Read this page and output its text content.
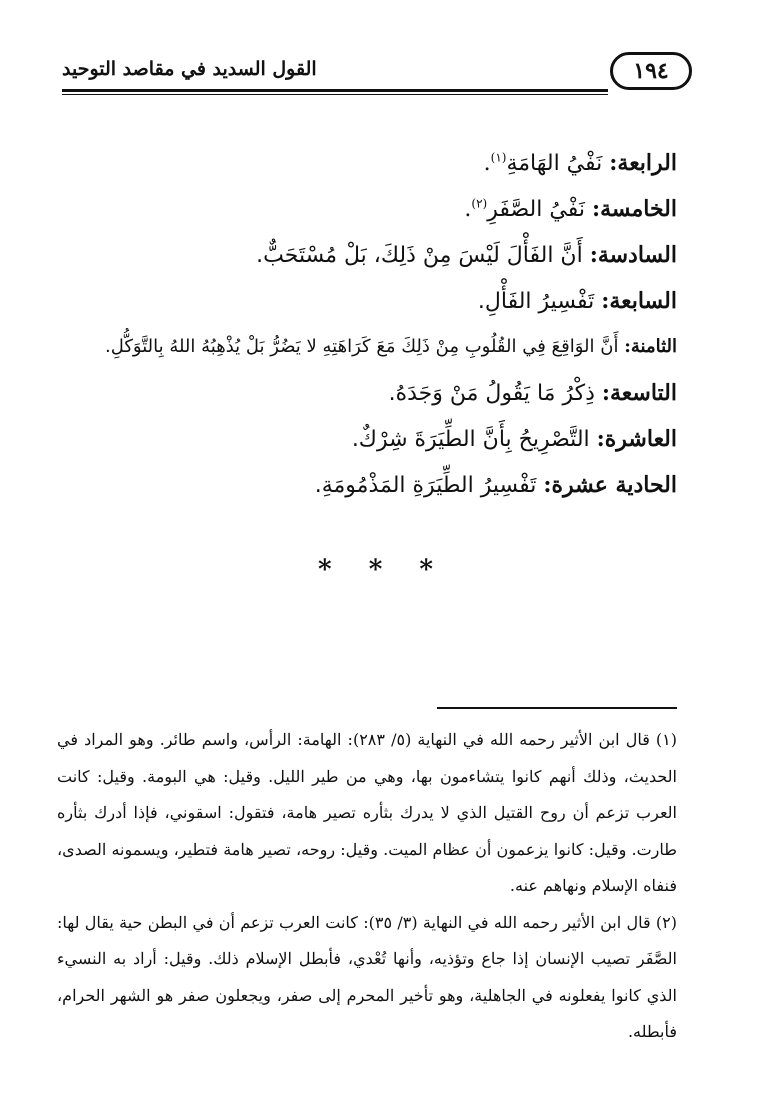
القول السديد في مقاصد التوحيد	١٩٤
الرابعة: نَفْيُ الهَامَةِ$^{(١)}$.
الخامسة: نَفْيُ الصَّفَرِ$^{(٢)}$.
السادسة: أَنَّ الفَأْلَ لَيْسَ مِنْ ذَلِكَ، بَلْ مُسْتَحَبٌّ.
السابعة: تَفْسِيرُ الفَأْلِ.
الثامنة: أَنَّ الوَاقِعَ فِي القُلُوبِ مِنْ ذَلِكَ مَعَ كَرَاهَتِهِ لا يَضُرُّ بَلْ يُذْهِبُهُ اللهُ بِالتَّوَكُّلِ.
التاسعة: ذِكْرُ مَا يَقُولُ مَنْ وَجَدَهُ.
العاشرة: التَّصْرِيحُ بِأَنَّ الطِّيَرَةَ شِرْكٌ.
الحادية عشرة: تَفْسِيرُ الطِّيَرَةِ المَذْمُومَةِ.
* * *

(١) قال ابن الأثير رحمه الله في النهاية (٥/ ٢٨٣): الهامة: الرأس، واسم طائر. وهو المراد في الحديث، وذلك أنهم كانوا يتشاءمون بها، وهي من طير الليل. وقيل: هي البومة. وقيل: كانت العرب تزعم أن روح القتيل الذي لا يدرك بثأره تصير هامة، فتقول: اسقوني، فإذا أدرك بثأره طارت. وقيل: كانوا يزعمون أن عظام الميت. وقيل: روحه، تصير هامة فتطير، ويسمونه الصدى، فنفاه الإسلام ونهاهم عنه.

(٢) قال ابن الأثير رحمه الله في النهاية (٣/ ٣٥): كانت العرب تزعم أن في البطن حية يقال لها: الصَّفَر تصيب الإنسان إذا جاع وتؤذيه، وأنها تُعْدي، فأبطل الإسلام ذلك. وقيل: أراد به النسيء الذي كانوا يفعلونه في الجاهلية، وهو تأخير المحرم إلى صفر، ويجعلون صفر هو الشهر الحرام، فأبطله.
